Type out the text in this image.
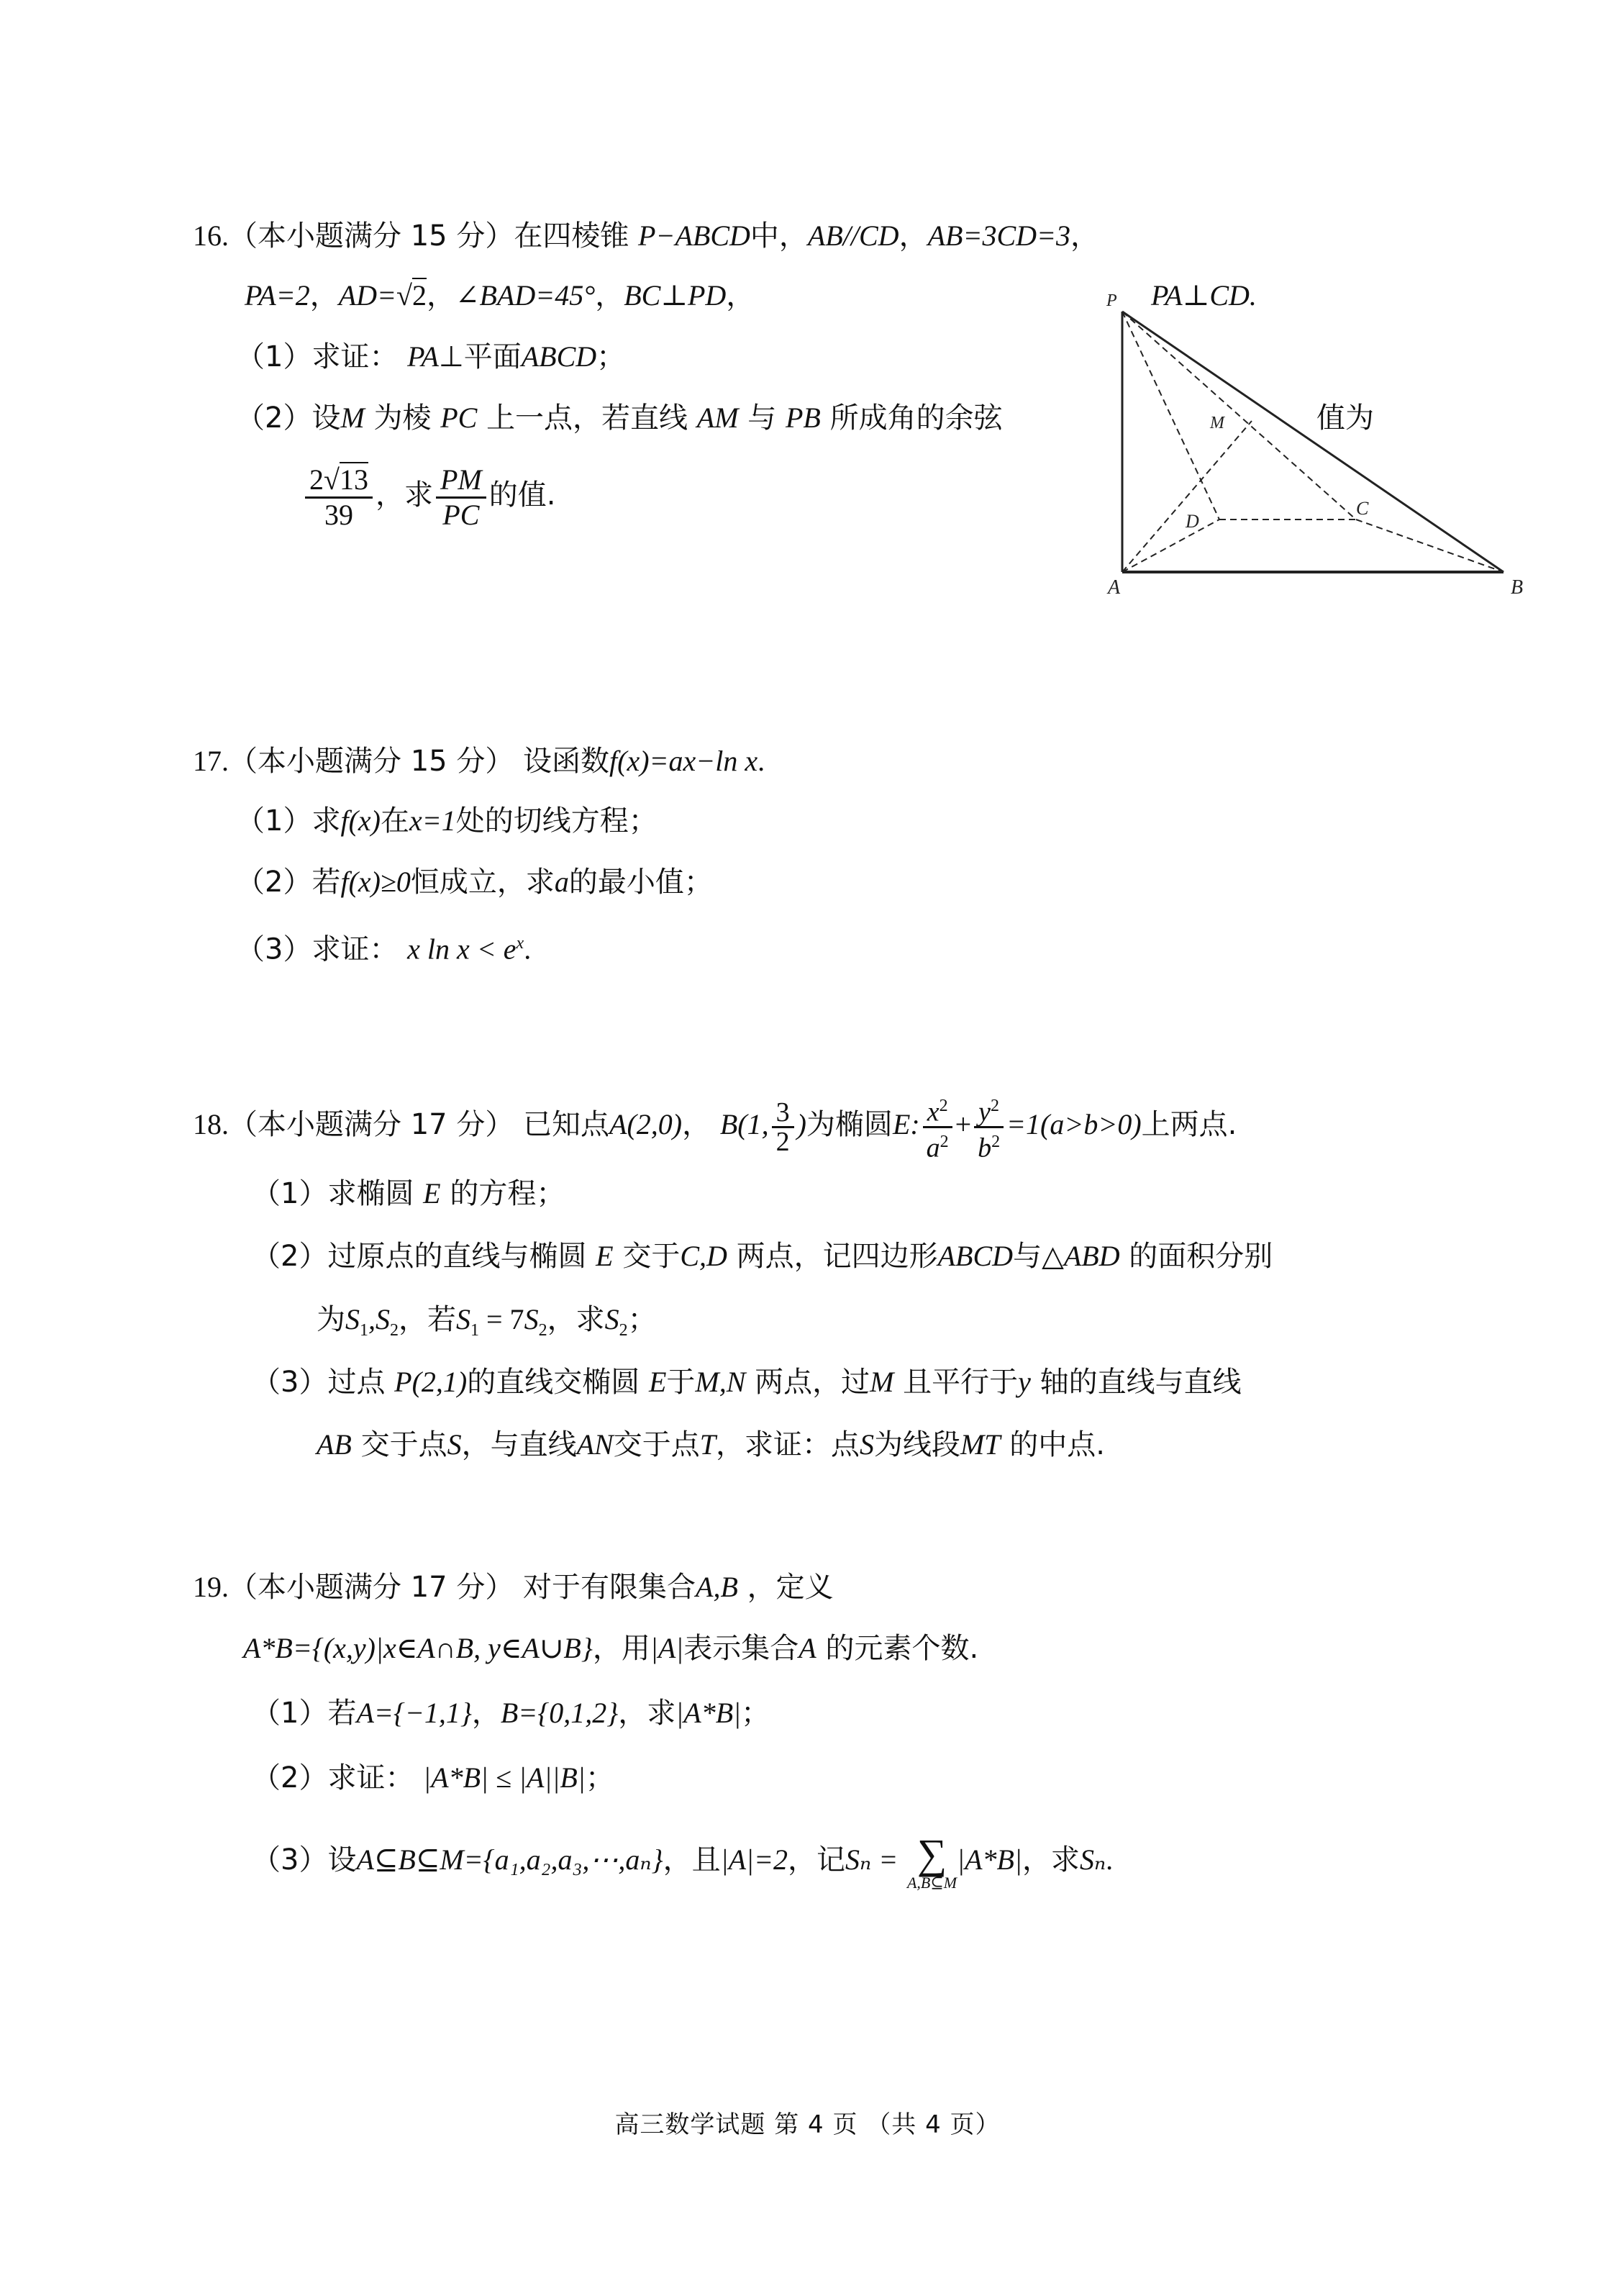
16.（本小题满分 15 分）在四棱锥 P−ABCD中，AB//CD，AB=3CD=3，
PA=2，AD=√2，∠BAD=45°，BC⊥PD，	PA⊥CD.
（1）求证： PA⊥平面ABCD；
（2）设M 为棱 PC 上一点，若直线 AM 与 PB 所成角的余弦	值为
$\frac{2√13}{39}$ ，求 $\frac{PM}{PC}$ 的值.
P
A	B
C
D
M
17.（本小题满分 15 分） 设函数f(x)=ax−ln x.
（1）求f(x)在x=1处的切线方程；
（2）若f(x)≥0恒成立，求a的最小值；
（3）求证： x $\ln x < e^x$.
18.（本小题满分 17 分） 已知点A(2,0)， B(1, $\frac{3}{2}$ )为椭圆E: $\frac{x^2}{a^2} + \frac{y^2}{b^2} =1(a>b>0)$上两点.
（1）求椭圆 E 的方程；
（2）过原点的直线与椭圆 E 交于C,D 两点，记四边形ABCD与△ABD 的面积分别
为$S_1,S_2$，若$S_1 = 7S_2$，求$S_2$；
（3）过点 P(2,1)的直线交椭圆 E于M,N 两点，过M 且平行于y 轴的直线与直线
AB 交于点S，与直线AN交于点T，求证：点S为线段MT 的中点.
19.（本小题满分 17 分） 对于有限集合A,B ，定义
A*B={(x,y)|x∈A∩B, y∈A∪B}，用|A|表示集合A 的元素个数.
（1）若A={−1,1}，B={0,1,2}，求|A*B|；
（2）求证： |A*B| ≤ |A||B|；
（3）设A⊆B⊆M={a₁,a₂,a₃,⋯,aₙ}，且|A|=2，记Sₙ = ∑
A,B⊆M
|A*B|，求Sₙ.
高三数学试题 第 4 页 （共 4 页）
